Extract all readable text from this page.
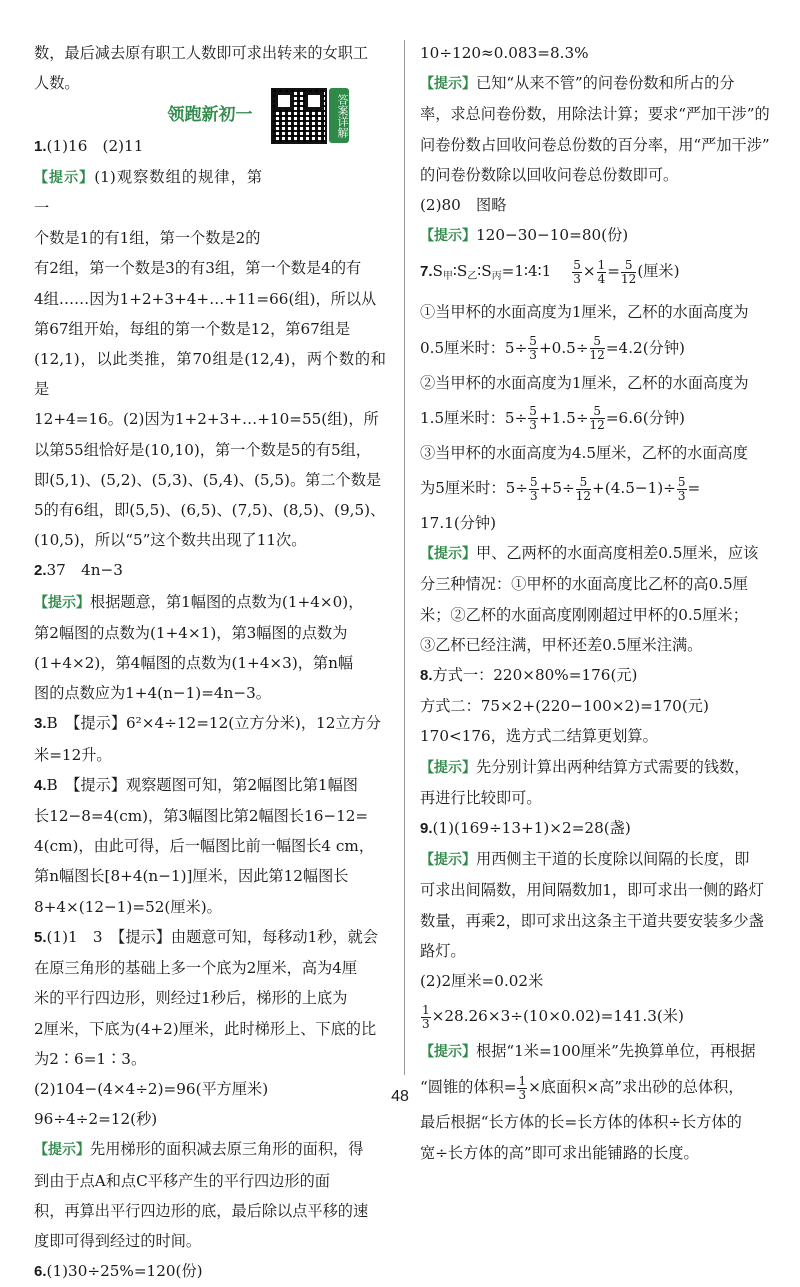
答案详解

数，最后减去原有职工人数即可求出转来的女职工

人数。

领跑新初一

1.(1)16　(2)11

【提示】(1)观察数组的规律，第一

个数是1的有1组，第一个数是2的

有2组，第一个数是3的有3组，第一个数是4的有

4组……因为1+2+3+4+…+11=66(组)，所以从

第67组开始，每组的第一个数是12，第67组是

(12,1)，以此类推，第70组是(12,4)，两个数的和是

12+4=16。(2)因为1+2+3+…+10=55(组)，所

以第55组恰好是(10,10)，第一个数是5的有5组，

即(5,1)、(5,2)、(5,3)、(5,4)、(5,5)。第二个数是

5的有6组，即(5,5)、(6,5)、(7,5)、(8,5)、(9,5)、

(10,5)，所以“5”这个数共出现了11次。

2.37　4n−3

【提示】根据题意，第1幅图的点数为(1+4×0)，

第2幅图的点数为(1+4×1)，第3幅图的点数为

(1+4×2)，第4幅图的点数为(1+4×3)，第n幅

图的点数应为1+4(n−1)=4n−3。

3.B　【提示】6²×4÷12=12(立方分米)，12立方分

米=12升。

4.B　【提示】观察题图可知，第2幅图比第1幅图

长12−8=4(cm)，第3幅图比第2幅图长16−12=

4(cm)，由此可得，后一幅图比前一幅图长4 cm，

第n幅图长[8+4(n−1)]厘米，因此第12幅图长

8+4×(12−1)=52(厘米)。

5.(1)1　3　【提示】由题意可知，每移动1秒，就会

在原三角形的基础上多一个底为2厘米，高为4厘

米的平行四边形，则经过1秒后，梯形的上底为

2厘米，下底为(4+2)厘米，此时梯形上、下底的比

为2∶6=1∶3。

(2)104−(4×4÷2)=96(平方厘米)

96÷4÷2=12(秒)

【提示】先用梯形的面积减去原三角形的面积，得

到由于点A和点C平移产生的平行四边形的面

积，再算出平行四边形的底，最后除以点平移的速

度即可得到经过的时间。

6.(1)30÷25%=120(份)

10÷120≈0.083=8.3%

【提示】已知“从来不管”的问卷份数和所占的分

率，求总问卷份数，用除法计算；要求“严加干涉”的

问卷份数占回收问卷总份数的百分率，用“严加干涉”

的问卷份数除以回收问卷总份数即可。

(2)80　图略

【提示】120−30−10=80(份)

$7.S_甲∶S_乙∶S_丙=1∶4∶1$ 　 $\frac{5}{3} \times \frac{1}{4} = \frac{5}{12}$ (厘米)

①当甲杯的水面高度为1厘米，乙杯的水面高度为

0.5厘米时：$5\div \frac{5}{3} +0.5\div \frac{5}{12} =4.2$(分钟)

②当甲杯的水面高度为1厘米，乙杯的水面高度为

1.5厘米时：$5\div \frac{5}{3} +1.5\div \frac{5}{12} =6.6$(分钟)

③当甲杯的水面高度为4.5厘米，乙杯的水面高度

为5厘米时：$5\div \frac{5}{3} +5\div \frac{5}{12} +(4.5-1)\div \frac{5}{3}$ =

17.1(分钟)

【提示】甲、乙两杯的水面高度相差0.5厘米，应该

分三种情况：①甲杯的水面高度比乙杯的高0.5厘

米；②乙杯的水面高度刚刚超过甲杯的0.5厘米；

③乙杯已经注满，甲杯还差0.5厘米注满。

8.方式一：220×80%=176(元)

方式二：75×2+(220−100×2)=170(元)

170<176，选方式二结算更划算。

【提示】先分别计算出两种结算方式需要的钱数，

再进行比较即可。

9.(1)(169÷13+1)×2=28(盏)

【提示】用西侧主干道的长度除以间隔的长度，即

可求出间隔数，用间隔数加1，即可求出一侧的路灯

数量，再乘2，即可求出这条主干道共要安装多少盏

路灯。

(2)2厘米=0.02米

$\frac{1}{3} \times 28.26\times 3\div(10\times 0.02)=141.3$(米)

【提示】根据“1米=100厘米”先换算单位，再根据

“圆锥的体积= $\frac{1}{3}$ ×底面积×高”求出砂的总体积，

最后根据“长方体的长=长方体的体积÷长方体的

宽÷长方体的高”即可求出能铺路的长度。

48
